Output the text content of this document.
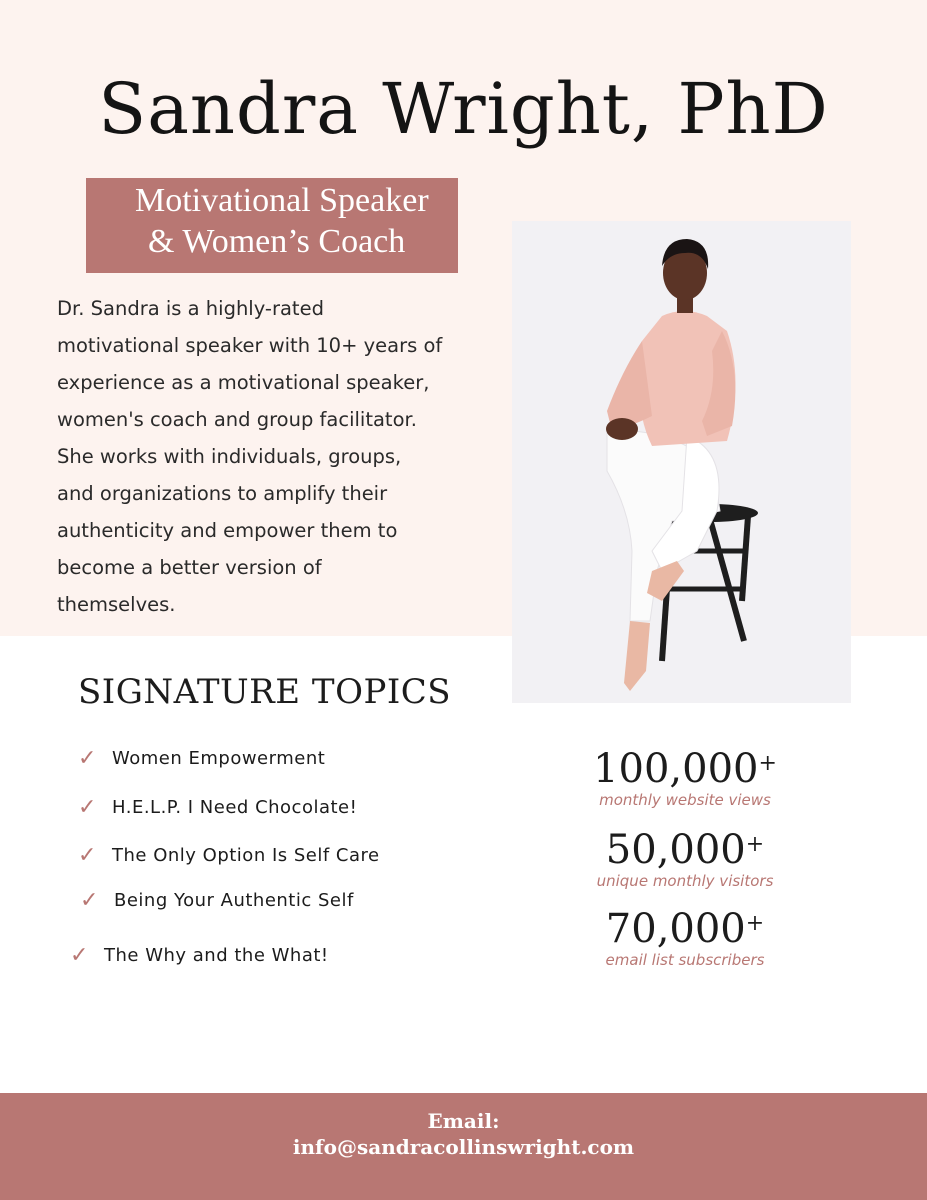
Sandra Wright, PhD
Motivational Speaker
& Women’s Coach
Dr. Sandra is a highly-rated
motivational speaker with 10+ years of
experience as a motivational speaker,
women's coach and group facilitator.
She works with individuals, groups,
and organizations to amplify their
authenticity and empower them to
become a better version of
themselves.
SIGNATURE TOPICS
✓ Women Empowerment
✓ H.E.L.P. I Need Chocolate!
✓ The Only Option Is Self Care
✓ Being Your Authentic Self
✓ The Why and the What!
100,000+
monthly website views
50,000+
unique monthly visitors
70,000+
email list subscribers
Email:
info@sandracollinswright.com
